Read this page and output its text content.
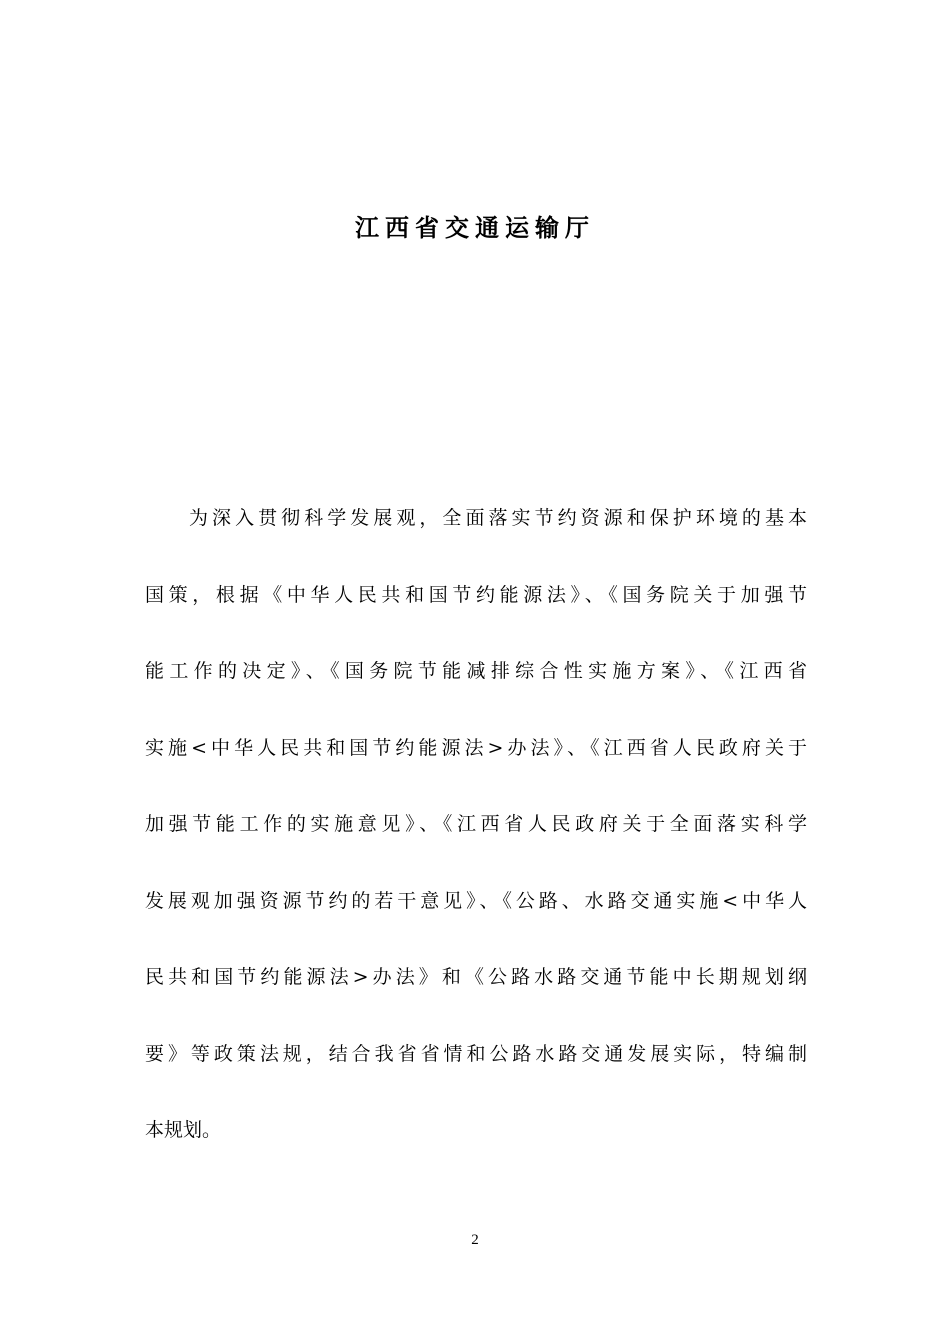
江西省交通运输厅
为深入贯彻科学发展观，全面落实节约资源和保护环境的基本
国策，根据《中华人民共和国节约能源法》、《国务院关于加强节
能工作的决定》、《国务院节能减排综合性实施方案》、《江西省
实施<中华人民共和国节约能源法>办法》、《江西省人民政府关于
加强节能工作的实施意见》、《江西省人民政府关于全面落实科学
发展观加强资源节约的若干意见》、《公路、水路交通实施<中华人
民共和国节约能源法>办法》和《公路水路交通节能中长期规划纲
要》等政策法规，结合我省省情和公路水路交通发展实际，特编制
本规划。
2
